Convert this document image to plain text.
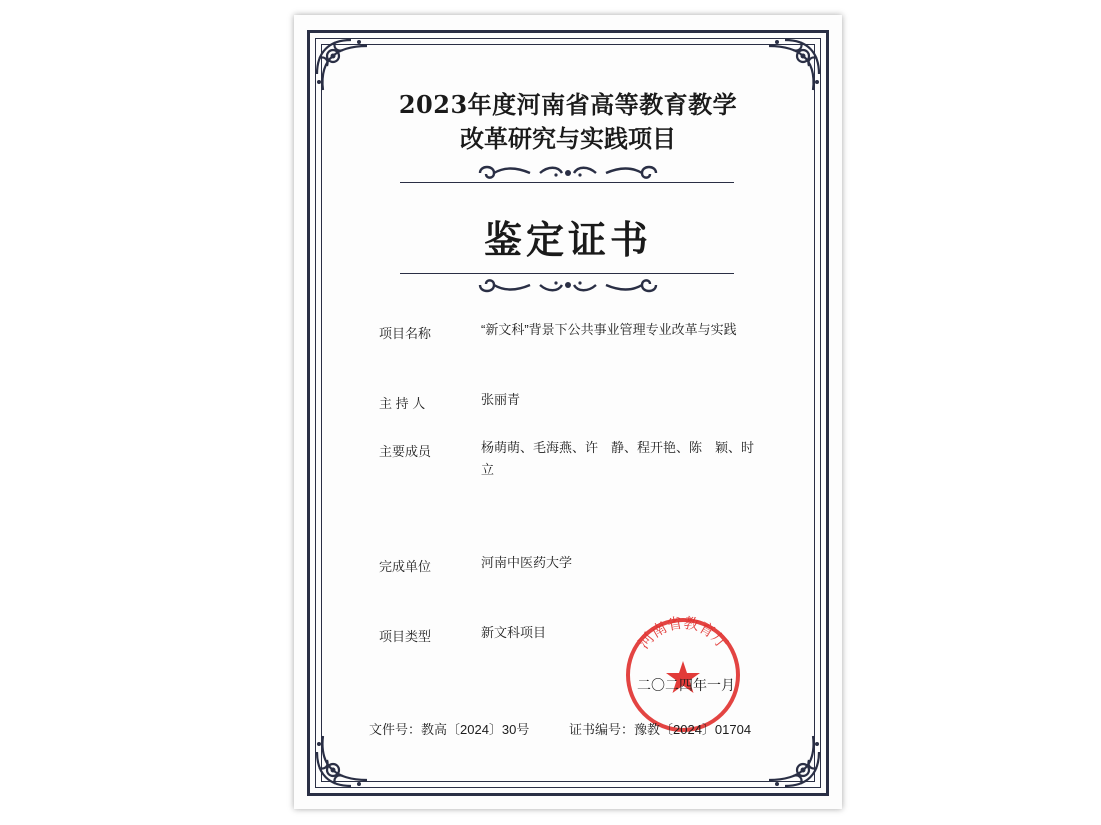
2023年度河南省高等教育教学
改革研究与实践项目
鉴定证书
项目名称	“新文科”背景下公共事业管理专业改革与实践
主 持 人	张丽青
主要成员	杨萌萌、毛海燕、许　静、程开艳、陈　颖、时　立
完成单位	河南中医药大学
项目类型	新文科项目	河南省教育厅
二〇二四年一月
文件号：教高〔2024〕30号	证书编号：豫教〔2024〕01704
